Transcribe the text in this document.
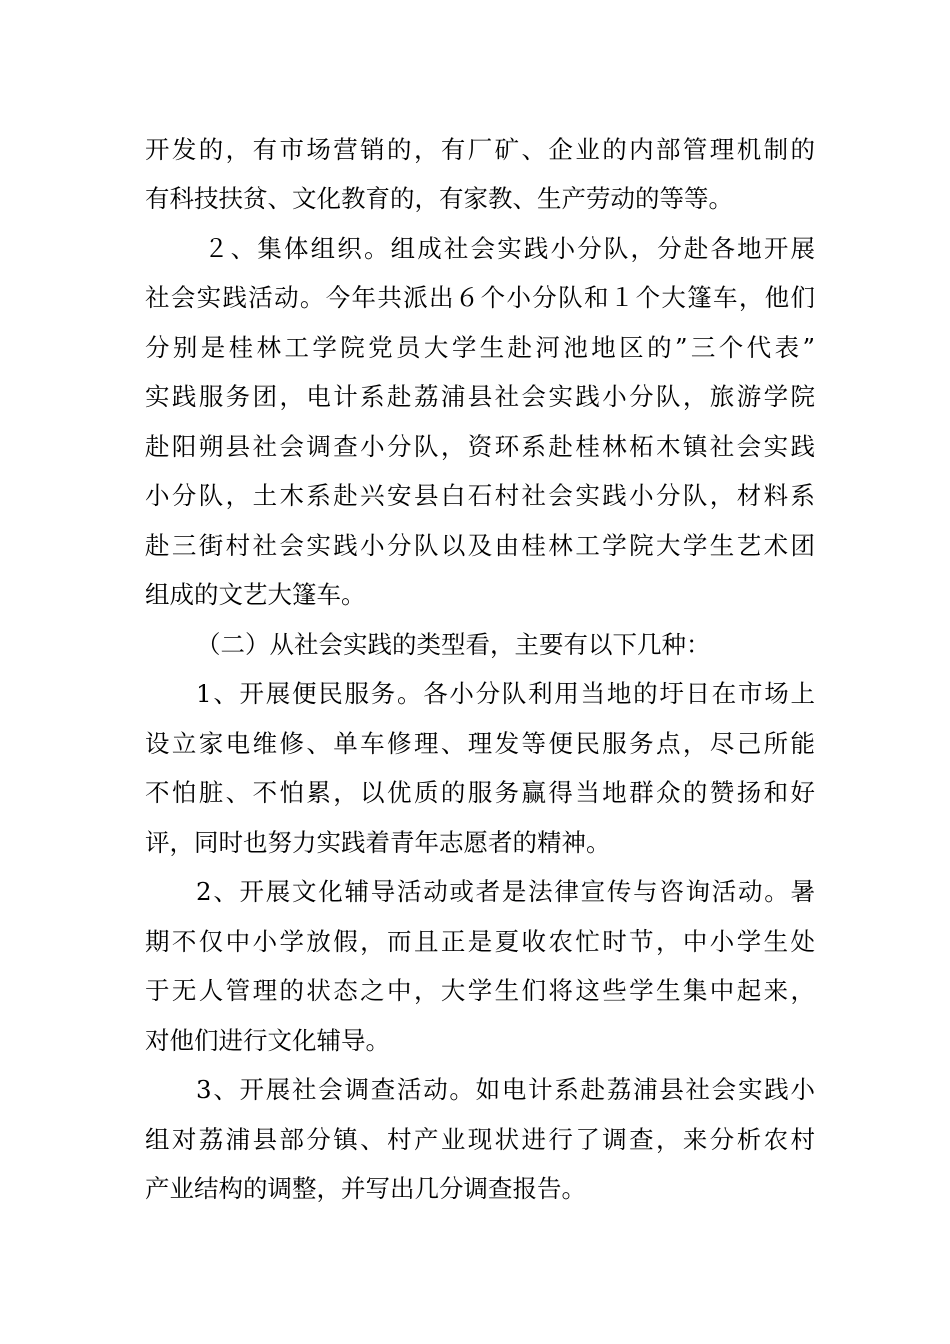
开发的，有市场营销的，有厂矿、企业的内部管理机制的
有科技扶贫、文化教育的，有家教、生产劳动的等等。
２、集体组织。组成社会实践小分队，分赴各地开展
社会实践活动。今年共派出６个小分队和１个大篷车，他们
分别是桂林工学院党员大学生赴河池地区的”三个代表”
实践服务团，电计系赴荔浦县社会实践小分队，旅游学院
赴阳朔县社会调查小分队，资环系赴桂林柘木镇社会实践
小分队，土木系赴兴安县白石村社会实践小分队，材料系
赴三街村社会实践小分队以及由桂林工学院大学生艺术团
组成的文艺大篷车。
（二）从社会实践的类型看，主要有以下几种：
1、开展便民服务。各小分队利用当地的圩日在市场上
设立家电维修、单车修理、理发等便民服务点，尽己所能
不怕脏、不怕累，以优质的服务赢得当地群众的赞扬和好
评，同时也努力实践着青年志愿者的精神。
2、开展文化辅导活动或者是法律宣传与咨询活动。暑
期不仅中小学放假，而且正是夏收农忙时节，中小学生处
于无人管理的状态之中，大学生们将这些学生集中起来，
对他们进行文化辅导。
3、开展社会调查活动。如电计系赴荔浦县社会实践小
组对荔浦县部分镇、村产业现状进行了调查，来分析农村
产业结构的调整，并写出几分调查报告。
